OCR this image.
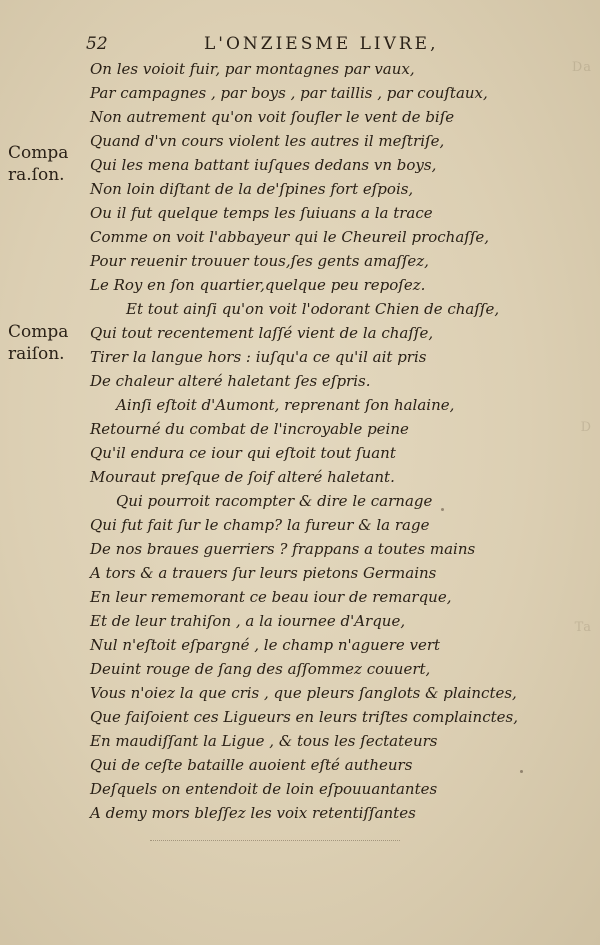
Da
D
Ta
52	L'ONZIESME LIVRE,
Compa
ra.ſon.
Compa
raiſon.
On les voioit fuir, par montagnes par vaux,
Par campagnes , par boys , par taillis , par couſtaux,
Non autrement qu'on voit ſoufler le vent de biſe
Quand d'vn cours violent les autres il meſtriſe,
Qui les mena battant iuſques dedans vn boys,
Non loin diſtant de la de'ſpines fort eſpois,
Ou il fut quelque temps les ſuiuans a la trace
Comme on voit l'abbayeur qui le Cheureil prochaſſe,
Pour reuenir trouuer tous,ſes gents amaſſez,
Le Roy en ſon quartier,quelque peu repoſez.
Et tout ainſi qu'on voit l'odorant Chien de chaſſe,
Qui tout recentement laſſé vient de la chaſſe,
Tirer la langue hors : iuſqu'a ce qu'il ait pris
De chaleur alteré haletant ſes eſpris.
Ainſi eſtoit d'Aumont, reprenant ſon halaine,
Retourné du combat de l'incroyable peine
Qu'il endura ce iour qui eſtoit tout ſuant
Mouraut preſque de ſoif alteré haletant.
Qui pourroit racompter & dire le carnage
Qui fut fait ſur le champ? la fureur & la rage
De nos braues guerriers ? frappans a toutes mains
A tors & a trauers ſur leurs pietons Germains
En leur rememorant ce beau iour de remarque,
Et de leur trahiſon , a la iournee d'Arque,
Nul n'eſtoit eſpargné , le champ n'aguere vert
Deuint rouge de ſang des aſſommez couuert,
Vous n'oiez la que cris , que pleurs ſanglots & plainctes,
Que faiſoient ces Ligueurs en leurs triſtes complainctes,
En maudiſſant la Ligue , & tous les ſectateurs
Qui de ceſte bataille auoient eſté autheurs
Deſquels on entendoit de loin eſpouuantantes
A demy mors bleſſez les voix retentiſſantes
